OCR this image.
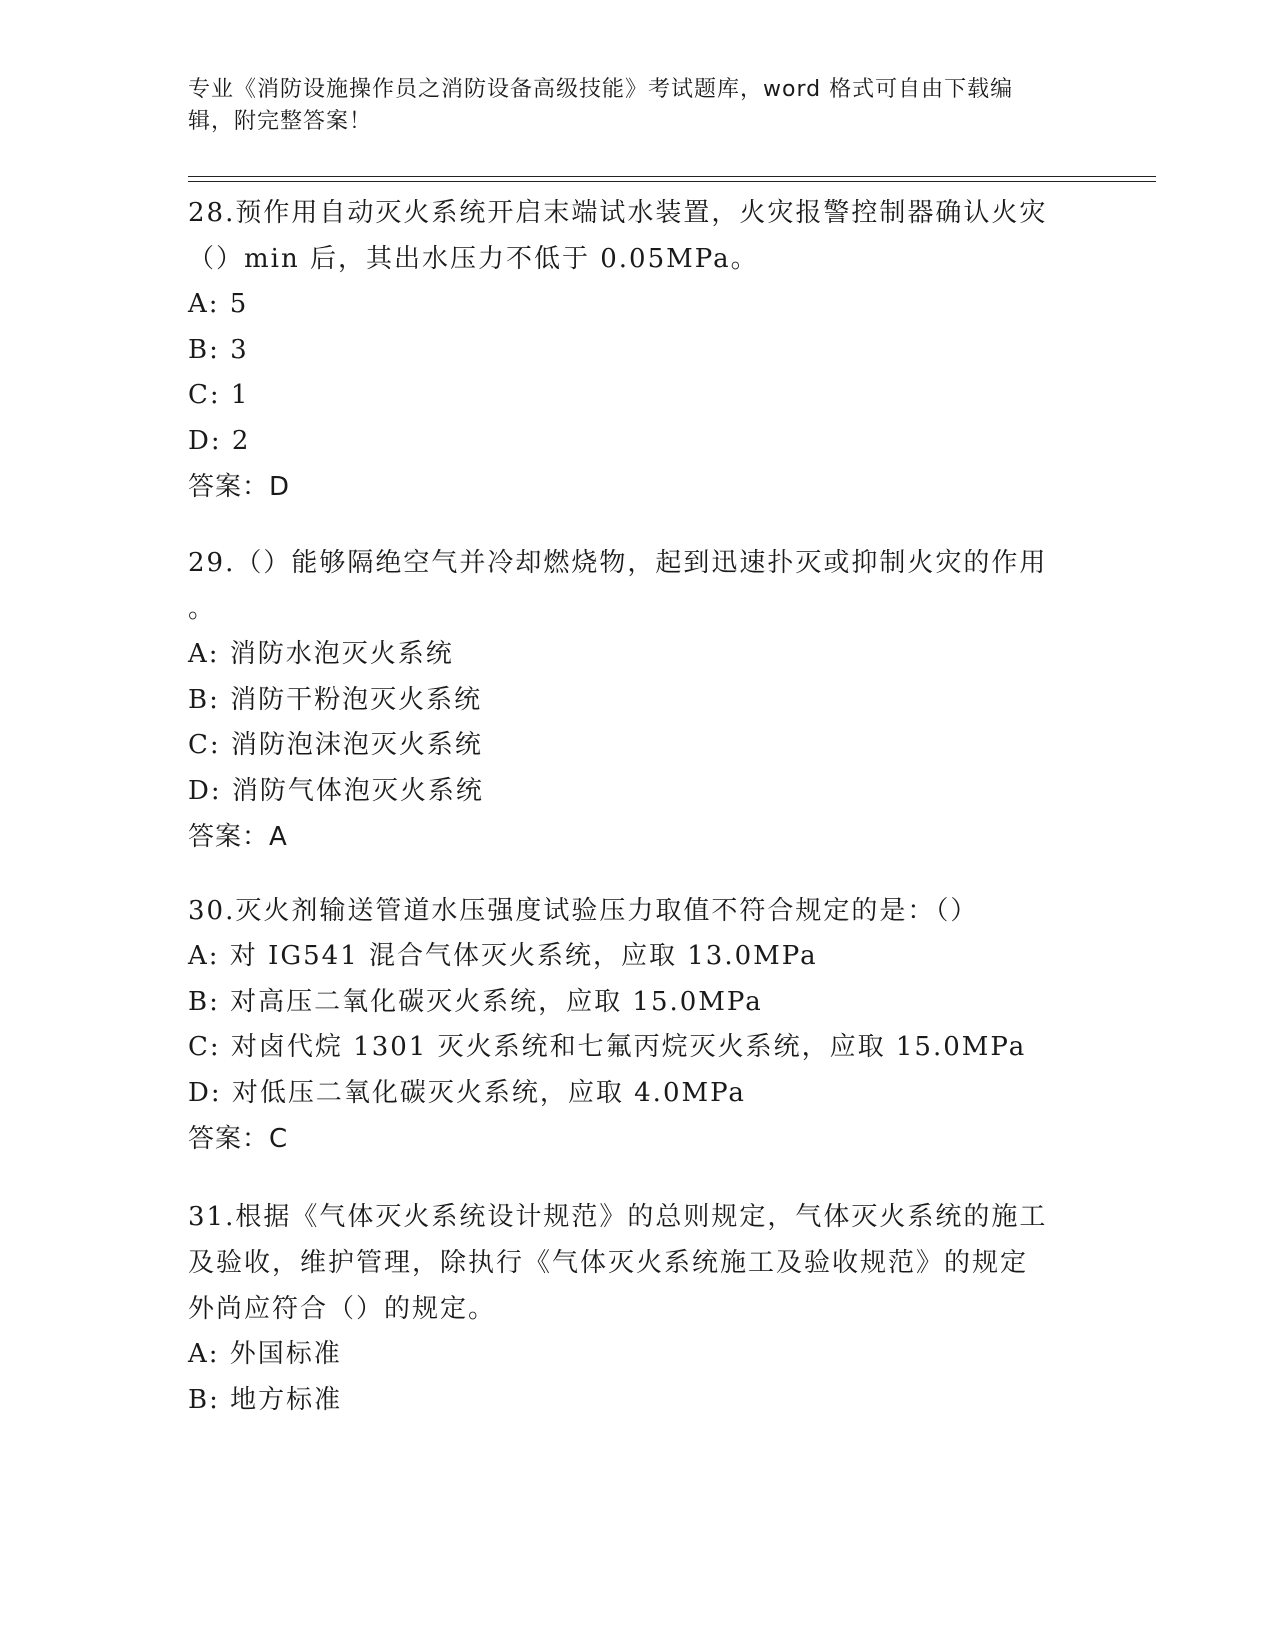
专业《消防设施操作员之消防设备高级技能》考试题库，word 格式可自由下载编
辑，附完整答案！
28.预作用自动灭火系统开启末端试水装置，火灾报警控制器确认火灾
（）min 后，其出水压力不低于 0.05MPa。
A: 5
B: 3
C: 1
D: 2
答案：D
29.（）能够隔绝空气并冷却燃烧物，起到迅速扑灭或抑制火灾的作用
。
A: 消防水泡灭火系统
B: 消防干粉泡灭火系统
C: 消防泡沫泡灭火系统
D: 消防气体泡灭火系统
答案：A
30.灭火剂输送管道水压强度试验压力取值不符合规定的是：（）
A: 对 IG541 混合气体灭火系统，应取 13.0MPa
B: 对高压二氧化碳灭火系统，应取 15.0MPa
C: 对卤代烷 1301 灭火系统和七氟丙烷灭火系统，应取 15.0MPa
D: 对低压二氧化碳灭火系统，应取 4.0MPa
答案：C
31.根据《气体灭火系统设计规范》的总则规定，气体灭火系统的施工
及验收，维护管理，除执行《气体灭火系统施工及验收规范》的规定
外尚应符合（）的规定。
A: 外国标准
B: 地方标准
